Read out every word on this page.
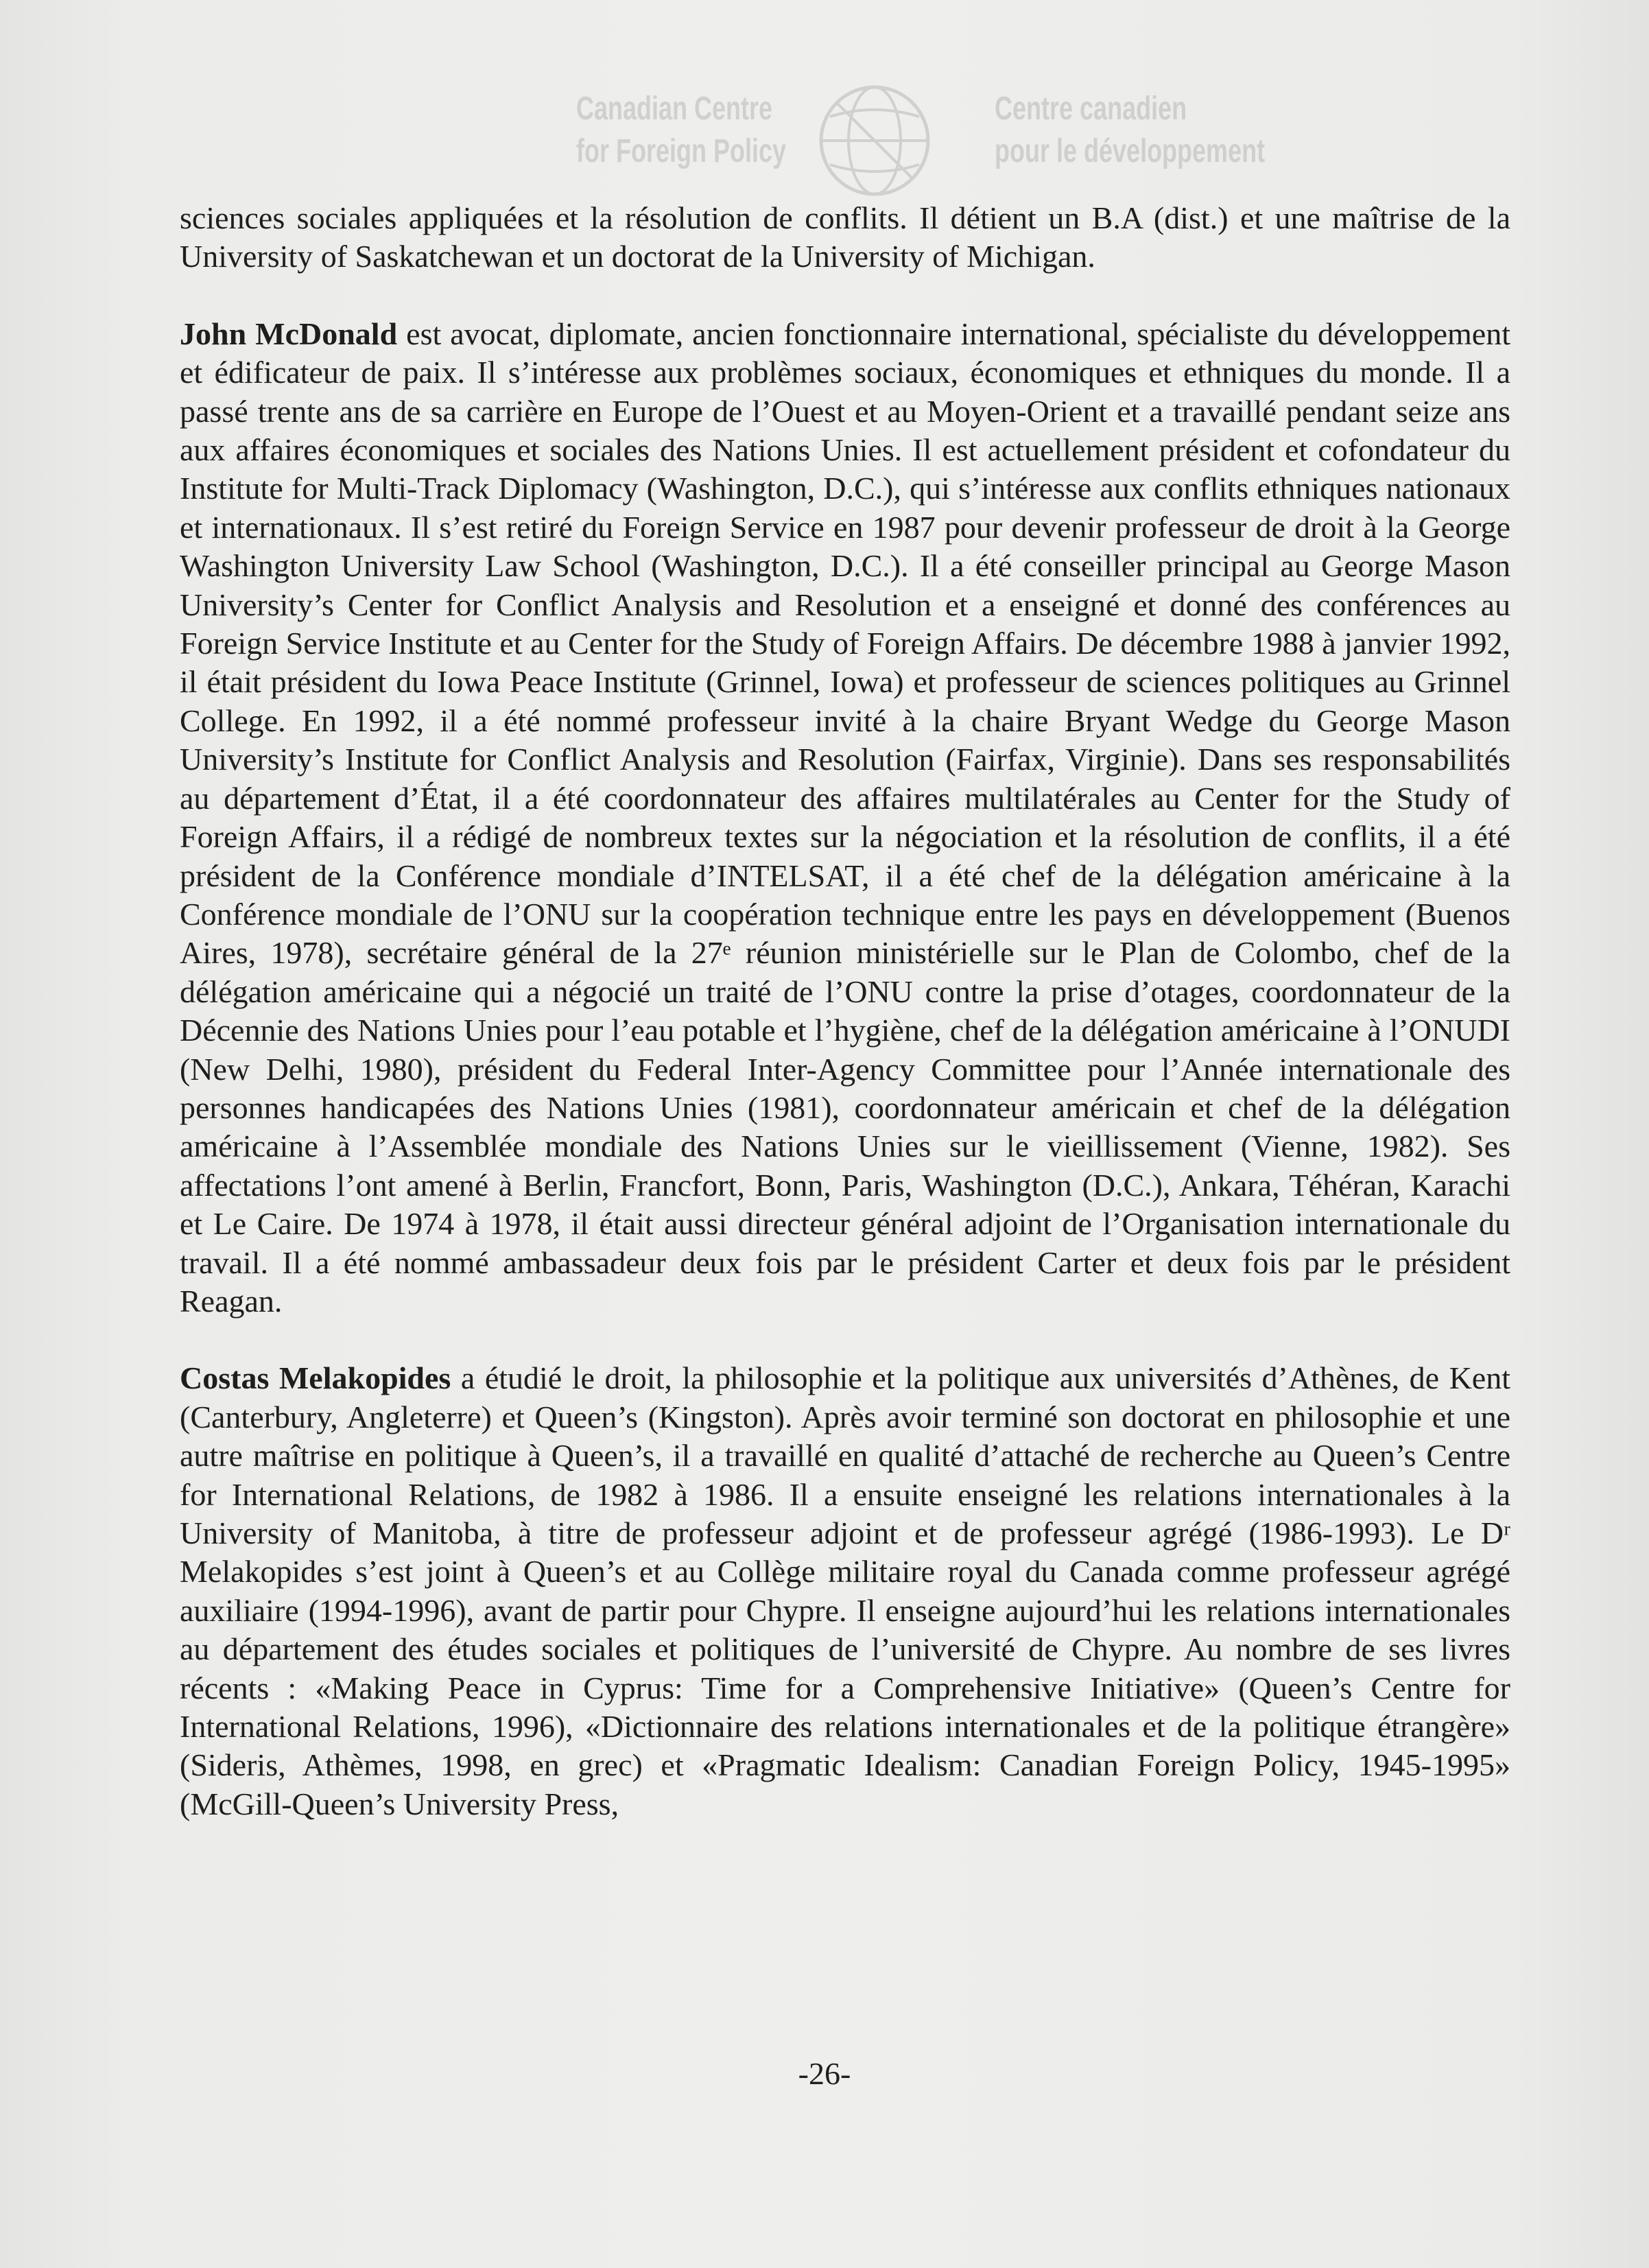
Canadian Centre
for Foreign Policy
Centre canadien
pour le développement

sciences sociales appliquées et la résolution de conflits. Il détient un B.A (dist.) et une maîtrise de la University of Saskatchewan et un doctorat de la University of Michigan.

John McDonald est avocat, diplomate, ancien fonctionnaire international, spécialiste du développement et édificateur de paix. Il s’intéresse aux problèmes sociaux, économiques et ethniques du monde. Il a passé trente ans de sa carrière en Europe de l’Ouest et au Moyen-Orient et a travaillé pendant seize ans aux affaires économiques et sociales des Nations Unies. Il est actuellement président et cofondateur du Institute for Multi-Track Diplomacy (Washington, D.C.), qui s’intéresse aux conflits ethniques nationaux et internationaux. Il s’est retiré du Foreign Service en 1987 pour devenir professeur de droit à la George Washington University Law School (Washington, D.C.). Il a été conseiller principal au George Mason University’s Center for Conflict Analysis and Resolution et a enseigné et donné des conférences au Foreign Service Institute et au Center for the Study of Foreign Affairs. De décembre 1988 à janvier 1992, il était président du Iowa Peace Institute (Grinnel, Iowa) et professeur de sciences politiques au Grinnel College. En 1992, il a été nommé professeur invité à la chaire Bryant Wedge du George Mason University’s Institute for Conflict Analysis and Resolution (Fairfax, Virginie). Dans ses responsabilités au département d’État, il a été coordonnateur des affaires multilatérales au Center for the Study of Foreign Affairs, il a rédigé de nombreux textes sur la négociation et la résolution de conflits, il a été président de la Conférence mondiale d’INTELSAT, il a été chef de la délégation américaine à la Conférence mondiale de l’ONU sur la coopération technique entre les pays en développement (Buenos Aires, 1978), secrétaire général de la 27ᵉ réunion ministérielle sur le Plan de Colombo, chef de la délégation américaine qui a négocié un traité de l’ONU contre la prise d’otages, coordonnateur de la Décennie des Nations Unies pour l’eau potable et l’hygiène, chef de la délégation américaine à l’ONUDI (New Delhi, 1980), président du Federal Inter-Agency Committee pour l’Année internationale des personnes handicapées des Nations Unies (1981), coordonnateur américain et chef de la délégation américaine à l’Assemblée mondiale des Nations Unies sur le vieillissement (Vienne, 1982). Ses affectations l’ont amené à Berlin, Francfort, Bonn, Paris, Washington (D.C.), Ankara, Téhéran, Karachi et Le Caire. De 1974 à 1978, il était aussi directeur général adjoint de l’Organisation internationale du travail. Il a été nommé ambassadeur deux fois par le président Carter et deux fois par le président Reagan.

Costas Melakopides a étudié le droit, la philosophie et la politique aux universités d’Athènes, de Kent (Canterbury, Angleterre) et Queen’s (Kingston). Après avoir terminé son doctorat en philosophie et une autre maîtrise en politique à Queen’s, il a travaillé en qualité d’attaché de recherche au Queen’s Centre for International Relations, de 1982 à 1986. Il a ensuite enseigné les relations internationales à la University of Manitoba, à titre de professeur adjoint et de professeur agrégé (1986-1993). Le Dʳ Melakopides s’est joint à Queen’s et au Collège militaire royal du Canada comme professeur agrégé auxiliaire (1994-1996), avant de partir pour Chypre. Il enseigne aujourd’hui les relations internationales au département des études sociales et politiques de l’université de Chypre. Au nombre de ses livres récents : «Making Peace in Cyprus: Time for a Comprehensive Initiative» (Queen’s Centre for International Relations, 1996), «Dictionnaire des relations internationales et de la politique étrangère» (Sideris, Athèmes, 1998, en grec) et «Pragmatic Idealism: Canadian Foreign Policy, 1945-1995» (McGill-Queen’s University Press,

-26-
